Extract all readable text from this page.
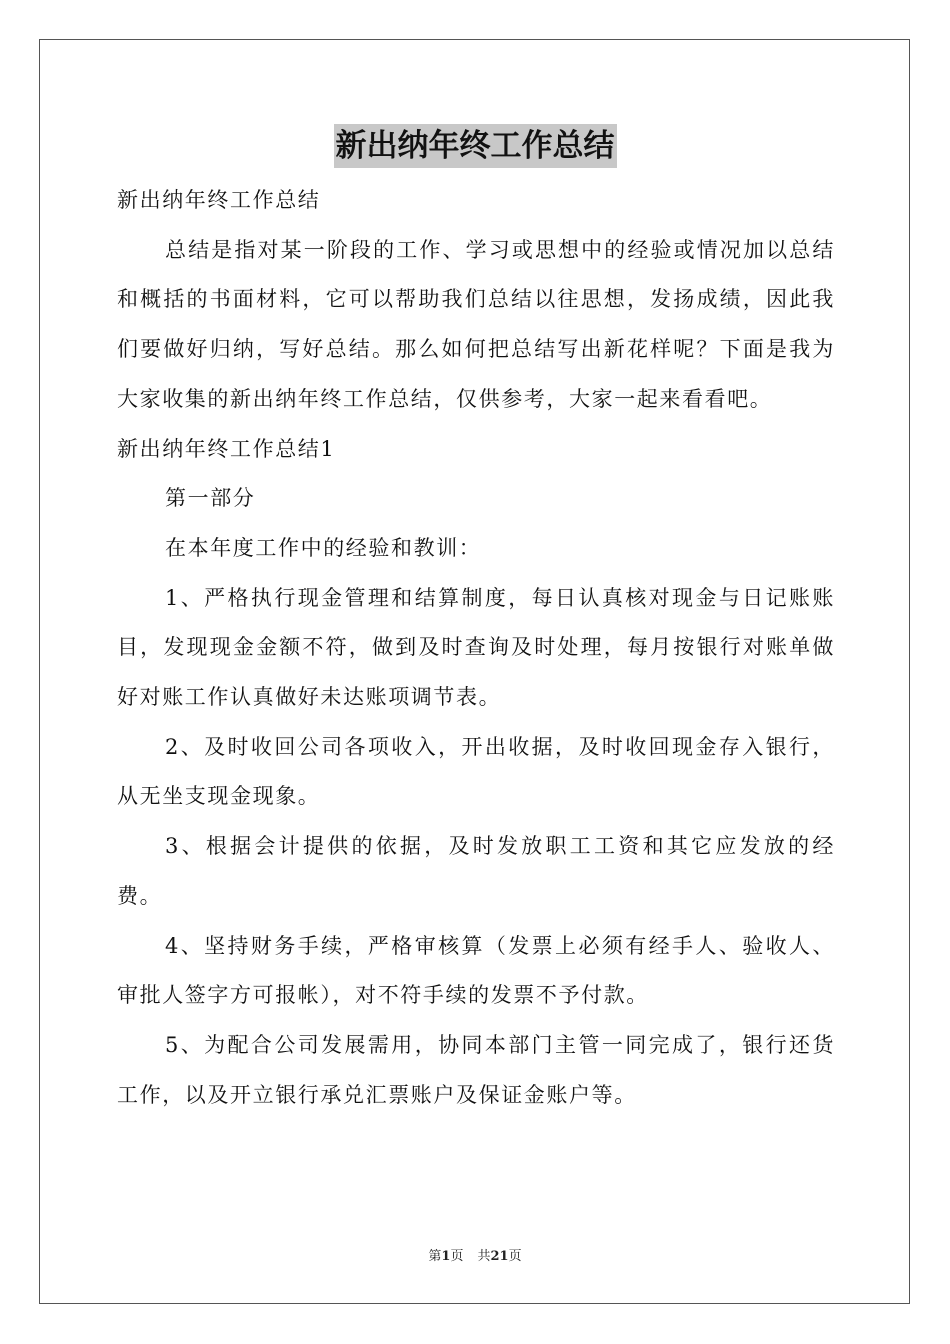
新出纳年终工作总结

新出纳年终工作总结

总结是指对某一阶段的工作、学习或思想中的经验或情况加以总结和概括的书面材料，它可以帮助我们总结以往思想，发扬成绩，因此我们要做好归纳，写好总结。那么如何把总结写出新花样呢？下面是我为大家收集的新出纳年终工作总结，仅供参考，大家一起来看看吧。

新出纳年终工作总结1

第一部分

在本年度工作中的经验和教训：

1、严格执行现金管理和结算制度，每日认真核对现金与日记账账目，发现现金金额不符，做到及时查询及时处理，每月按银行对账单做好对账工作认真做好未达账项调节表。

2、及时收回公司各项收入，开出收据，及时收回现金存入银行，从无坐支现金现象。

3、根据会计提供的依据，及时发放职工工资和其它应发放的经费。

4、坚持财务手续，严格审核算（发票上必须有经手人、验收人、审批人签字方可报帐），对不符手续的发票不予付款。

5、为配合公司发展需用，协同本部门主管一同完成了，银行还货工作，以及开立银行承兑汇票账户及保证金账户等。

第1页 共21页
